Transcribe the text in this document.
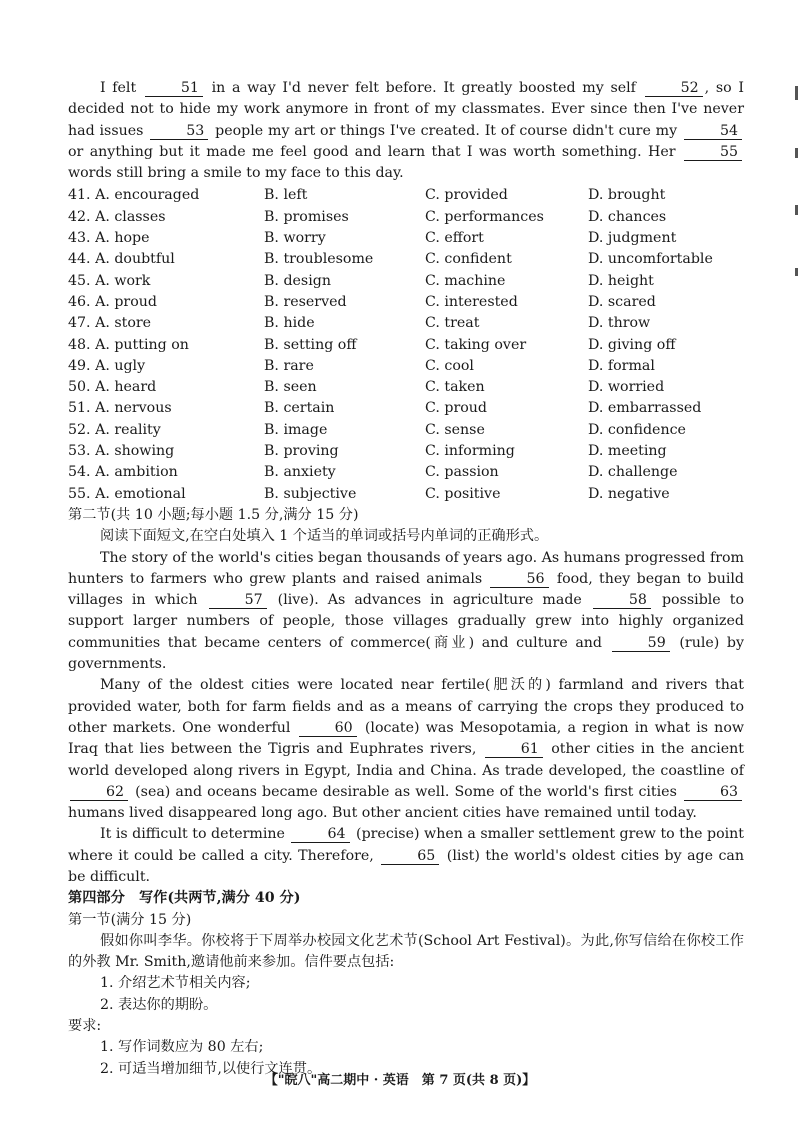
I felt	51 in a way I'd never felt before. It greatly boosted my self	52 , so I decided not to hide my work anymore in front of my classmates. Ever since then I've never had issues	53 people my art or things I've created. It of course didn't cure my	54 or anything but it made me feel good and learn that I was worth something. Her	55 words still bring a smile to my face to this day.

41. A. encouraged	B. left	C. provided	D. brought
42. A. classes	B. promises	C. performances	D. chances
43. A. hope	B. worry	C. effort	D. judgment
44. A. doubtful	B. troublesome	C. confident	D. uncomfortable
45. A. work	B. design	C. machine	D. height
46. A. proud	B. reserved	C. interested	D. scared
47. A. store	B. hide	C. treat	D. throw
48. A. putting on	B. setting off	C. taking over	D. giving off
49. A. ugly	B. rare	C. cool	D. formal
50. A. heard	B. seen	C. taken	D. worried
51. A. nervous	B. certain	C. proud	D. embarrassed
52. A. reality	B. image	C. sense	D. confidence
53. A. showing	B. proving	C. informing	D. meeting
54. A. ambition	B. anxiety	C. passion	D. challenge
55. A. emotional	B. subjective	C. positive	D. negative

第二节(共 10 小题;每小题 1.5 分,满分 15 分)

阅读下面短文,在空白处填入 1 个适当的单词或括号内单词的正确形式。

The story of the world's cities began thousands of years ago. As humans progressed from hunters to farmers who grew plants and raised animals	56 food, they began to build villages in which	57 (live). As advances in agriculture made	58 possible to support larger numbers of people, those villages gradually grew into highly organized communities that became centers of commerce(商业) and culture and	59 (rule) by governments.

Many of the oldest cities were located near fertile(肥沃的) farmland and rivers that provided water, both for farm fields and as a means of carrying the crops they produced to other markets. One wonderful	60 (locate) was Mesopotamia, a region in what is now Iraq that lies between the Tigris and Euphrates rivers,	61 other cities in the ancient world developed along rivers in Egypt, India and China. As trade developed, the coastline of 62 (sea) and oceans became desirable as well. Some of the world's first cities	63 humans lived disappeared long ago. But other ancient cities have remained until today.

It is difficult to determine	64 (precise) when a smaller settlement grew to the point where it could be called a city. Therefore,	65 (list) the world's oldest cities by age can be difficult.

第四部分　写作(共两节,满分 40 分)

第一节(满分 15 分)

假如你叫李华。你校将于下周举办校园文化艺术节(School Art Festival)。为此,你写信给在你校工作的外教 Mr. Smith,邀请他前来参加。信件要点包括:

1. 介绍艺术节相关内容;

2. 表达你的期盼。

要求:

1. 写作词数应为 80 左右;

2. 可适当增加细节,以使行文连贯。

【"皖八"高二期中 · 英语　第 7 页(共 8 页)】
